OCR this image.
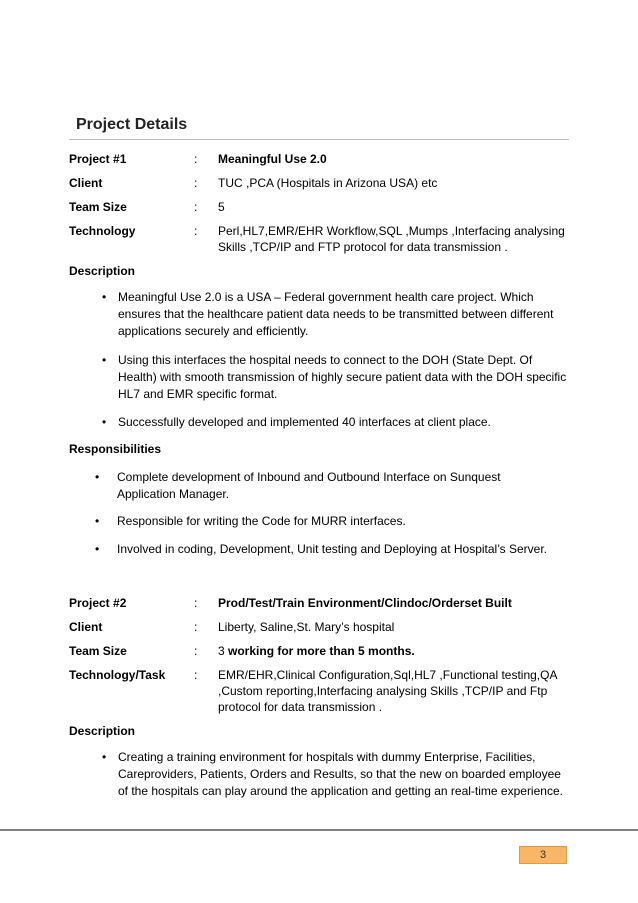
Project Details
Project #1	: Meaningful Use 2.0
Client	: TUC ,PCA (Hospitals in Arizona USA) etc
Team Size	: 5
Technology	: Perl,HL7,EMR/EHR Workflow,SQL ,Mumps ,Interfacing analysing Skills ,TCP/IP and FTP protocol for data transmission .
Description
• Meaningful Use 2.0 is a USA – Federal government health care project. Which ensures that the healthcare patient data needs to be transmitted between different applications securely and efficiently.
• Using this interfaces the hospital needs to connect to the DOH (State Dept. Of Health) with smooth transmission of highly secure patient data with the DOH specific HL7 and EMR specific format.
• Successfully developed and implemented 40 interfaces at client place.
Responsibilities
• Complete development of Inbound and Outbound Interface on Sunquest Application Manager.
• Responsible for writing the Code for MURR interfaces.
• Involved in coding, Development, Unit testing and Deploying at Hospital’s Server.
Project #2	: Prod/Test/Train Environment/Clindoc/Orderset Built
Client	: Liberty, Saline,St. Mary’s hospital
Team Size	: 3 working for more than 5 months.
Technology/Task	: EMR/EHR,Clinical Configuration,Sql,HL7 ,Functional testing,QA ,Custom reporting,Interfacing analysing Skills ,TCP/IP and Ftp protocol for data transmission .
Description
• Creating a training environment for hospitals with dummy Enterprise, Facilities, Careproviders, Patients, Orders and Results, so that the new on boarded employee of the hospitals can play around the application and getting an real-time experience.
3
